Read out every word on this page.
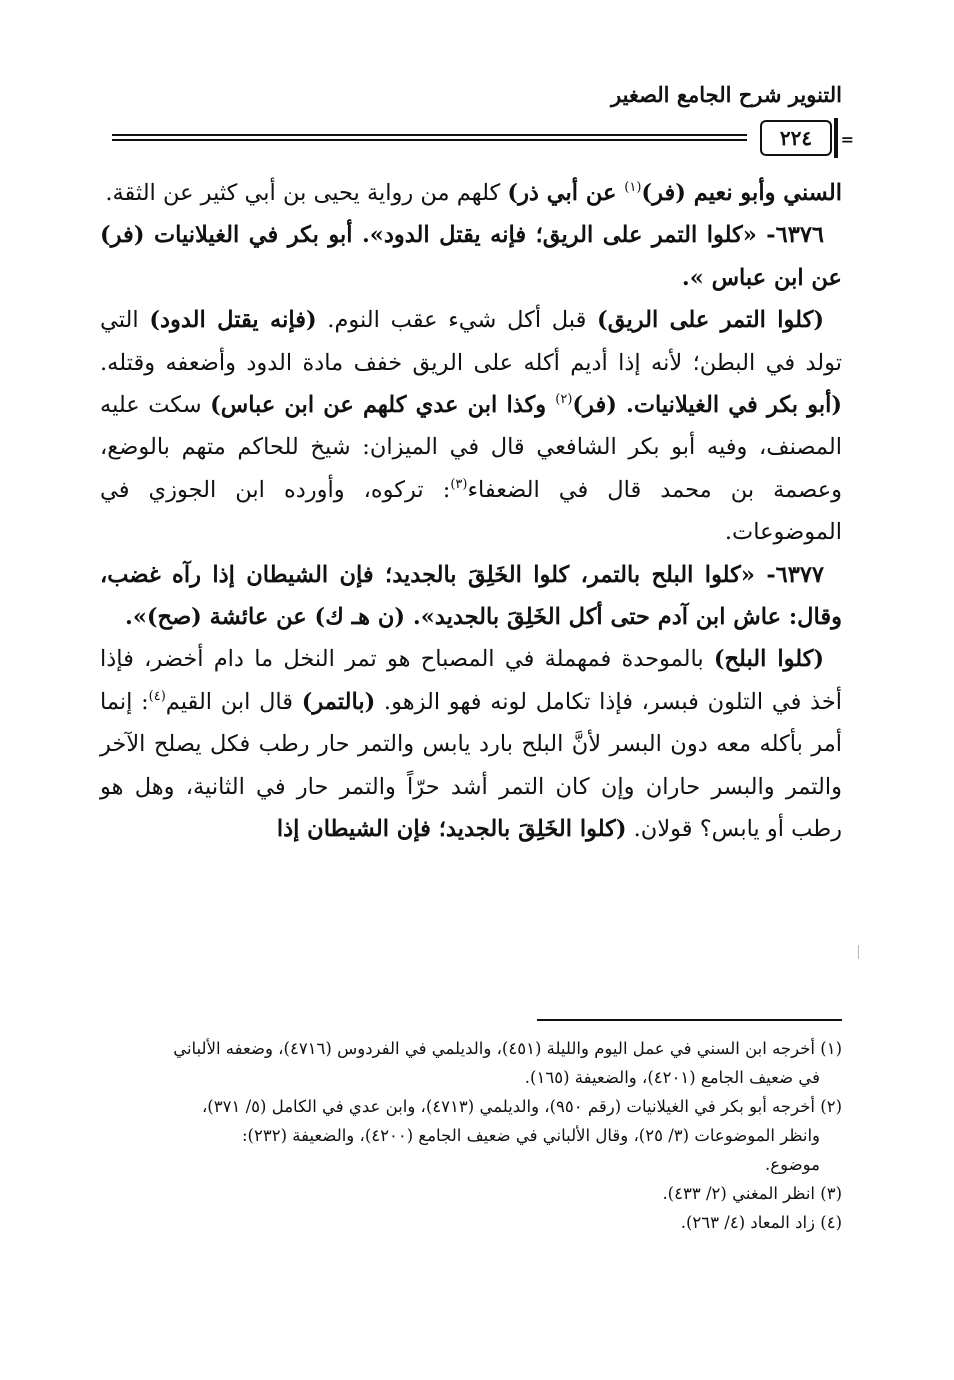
التنوير شرح الجامع الصغير
٢٢٤	=

السني وأبو نعيم (فر)$^{(١)}$ عن أبي ذر) كلهم من رواية يحيى بن أبي كثير عن الثقة.

٦٣٧٦- «كلوا التمر على الريق؛ فإنه يقتل الدود». أبو بكر في الغيلانيات (فر) عن ابن عباس ».

(كلوا التمر على الريق) قبل أكل شيء عقب النوم. (فإنه يقتل الدود) التي تولد في البطن؛ لأنه إذا أديم أكله على الريق خفف مادة الدود وأضعفه وقتله. (أبو بكر في الغيلانيات. (فر)$^{(٢)}$ وكذا ابن عدي كلهم عن ابن عباس) سكت عليه المصنف، وفيه أبو بكر الشافعي قال في الميزان: شيخ للحاكم متهم بالوضع، وعصمة بن محمد قال في الضعفاء$^{(٣)}$: تركوه، وأورده ابن الجوزي في الموضوعات.

٦٣٧٧- «كلوا البلح بالتمر، كلوا الخَلِقَ بالجديد؛ فإن الشيطان إذا رآه غضب، وقال: عاش ابن آدم حتى أكل الخَلِقَ بالجديد». (ن هـ ك) عن عائشة (صح)».

(كلوا البلح) بالموحدة فمهملة في المصباح هو تمر النخل ما دام أخضر، فإذا أخذ في التلون فبسر، فإذا تكامل لونه فهو الزهو. (بالتمر) قال ابن القيم$^{(٤)}$: إنما أمر بأكله معه دون البسر لأنَّ البلح بارد يابس والتمر حار رطب فكل يصلح الآخر والتمر والبسر حاران وإن كان التمر أشد حرّاً والتمر حار في الثانية، وهل هو رطب أو يابس؟ قولان. (كلوا الخَلِقَ بالجديد؛ فإن الشيطان إذا

(١) أخرجه ابن السني في عمل اليوم والليلة (٤٥١)، والديلمي في الفردوس (٤٧١٦)، وضعفه الألباني

في ضعيف الجامع (٤٢٠١)، والضعيفة (١٦٥).

(٢) أخرجه أبو بكر في الغيلانيات (رقم ٩٥٠)، والديلمي (٤٧١٣)، وابن عدي في الكامل (٥/ ٣٧١)،

وانظر الموضوعات (٣/ ٢٥)، وقال الألباني في ضعيف الجامع (٤٢٠٠)، والضعيفة (٢٣٢):

موضوع.

(٣) انظر المغني (٢/ ٤٣٣).

(٤) زاد المعاد (٤/ ٢٦٣).
